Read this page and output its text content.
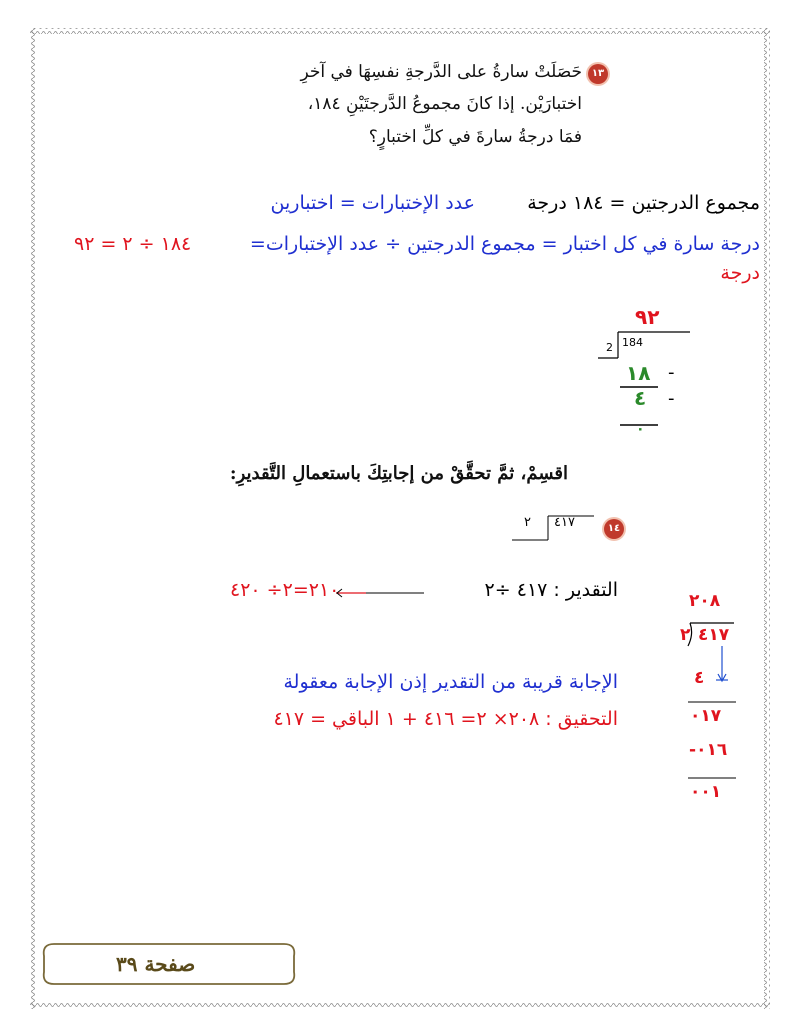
١٣
حَصَلَتْ سارةُ على الدَّرجةِ نفسِهَا في آخرِ
اختبارَيْن. إذا كانَ مجموعُ الدَّرجتَيْنِ ١٨٤،
فمَا درجةُ سارةَ في كلِّ اختبارٍ؟
مجموع الدرجتين = ١٨٤ درجة
عدد الإختبارات = اختبارين
درجة سارة في كل اختبار = مجموع الدرجتين ÷ عدد الإختبارات=
١٨٤ ÷ ٢ = ٩٢
درجة
٩٢
2 184
١٨ -
٤ -
٠
اقسِمْ، ثمَّ تحقَّقْ من إجابتِكَ باستعمالِ التَّقديرِ:
١٤
٢ ٤١٧
التقدير : ٤١٧ ÷٢
٢١٠=٢÷ ٤٢٠	٢٠٨
٢ ٤١٧
٤
٠١٧
٠١٦-
٠٠١
الإجابة قريبة من التقدير إذن الإجابة معقولة
التحقيق : ٢٠٨× ٢= ٤١٦ + ١ الباقي = ٤١٧
صفحة ٣٩
